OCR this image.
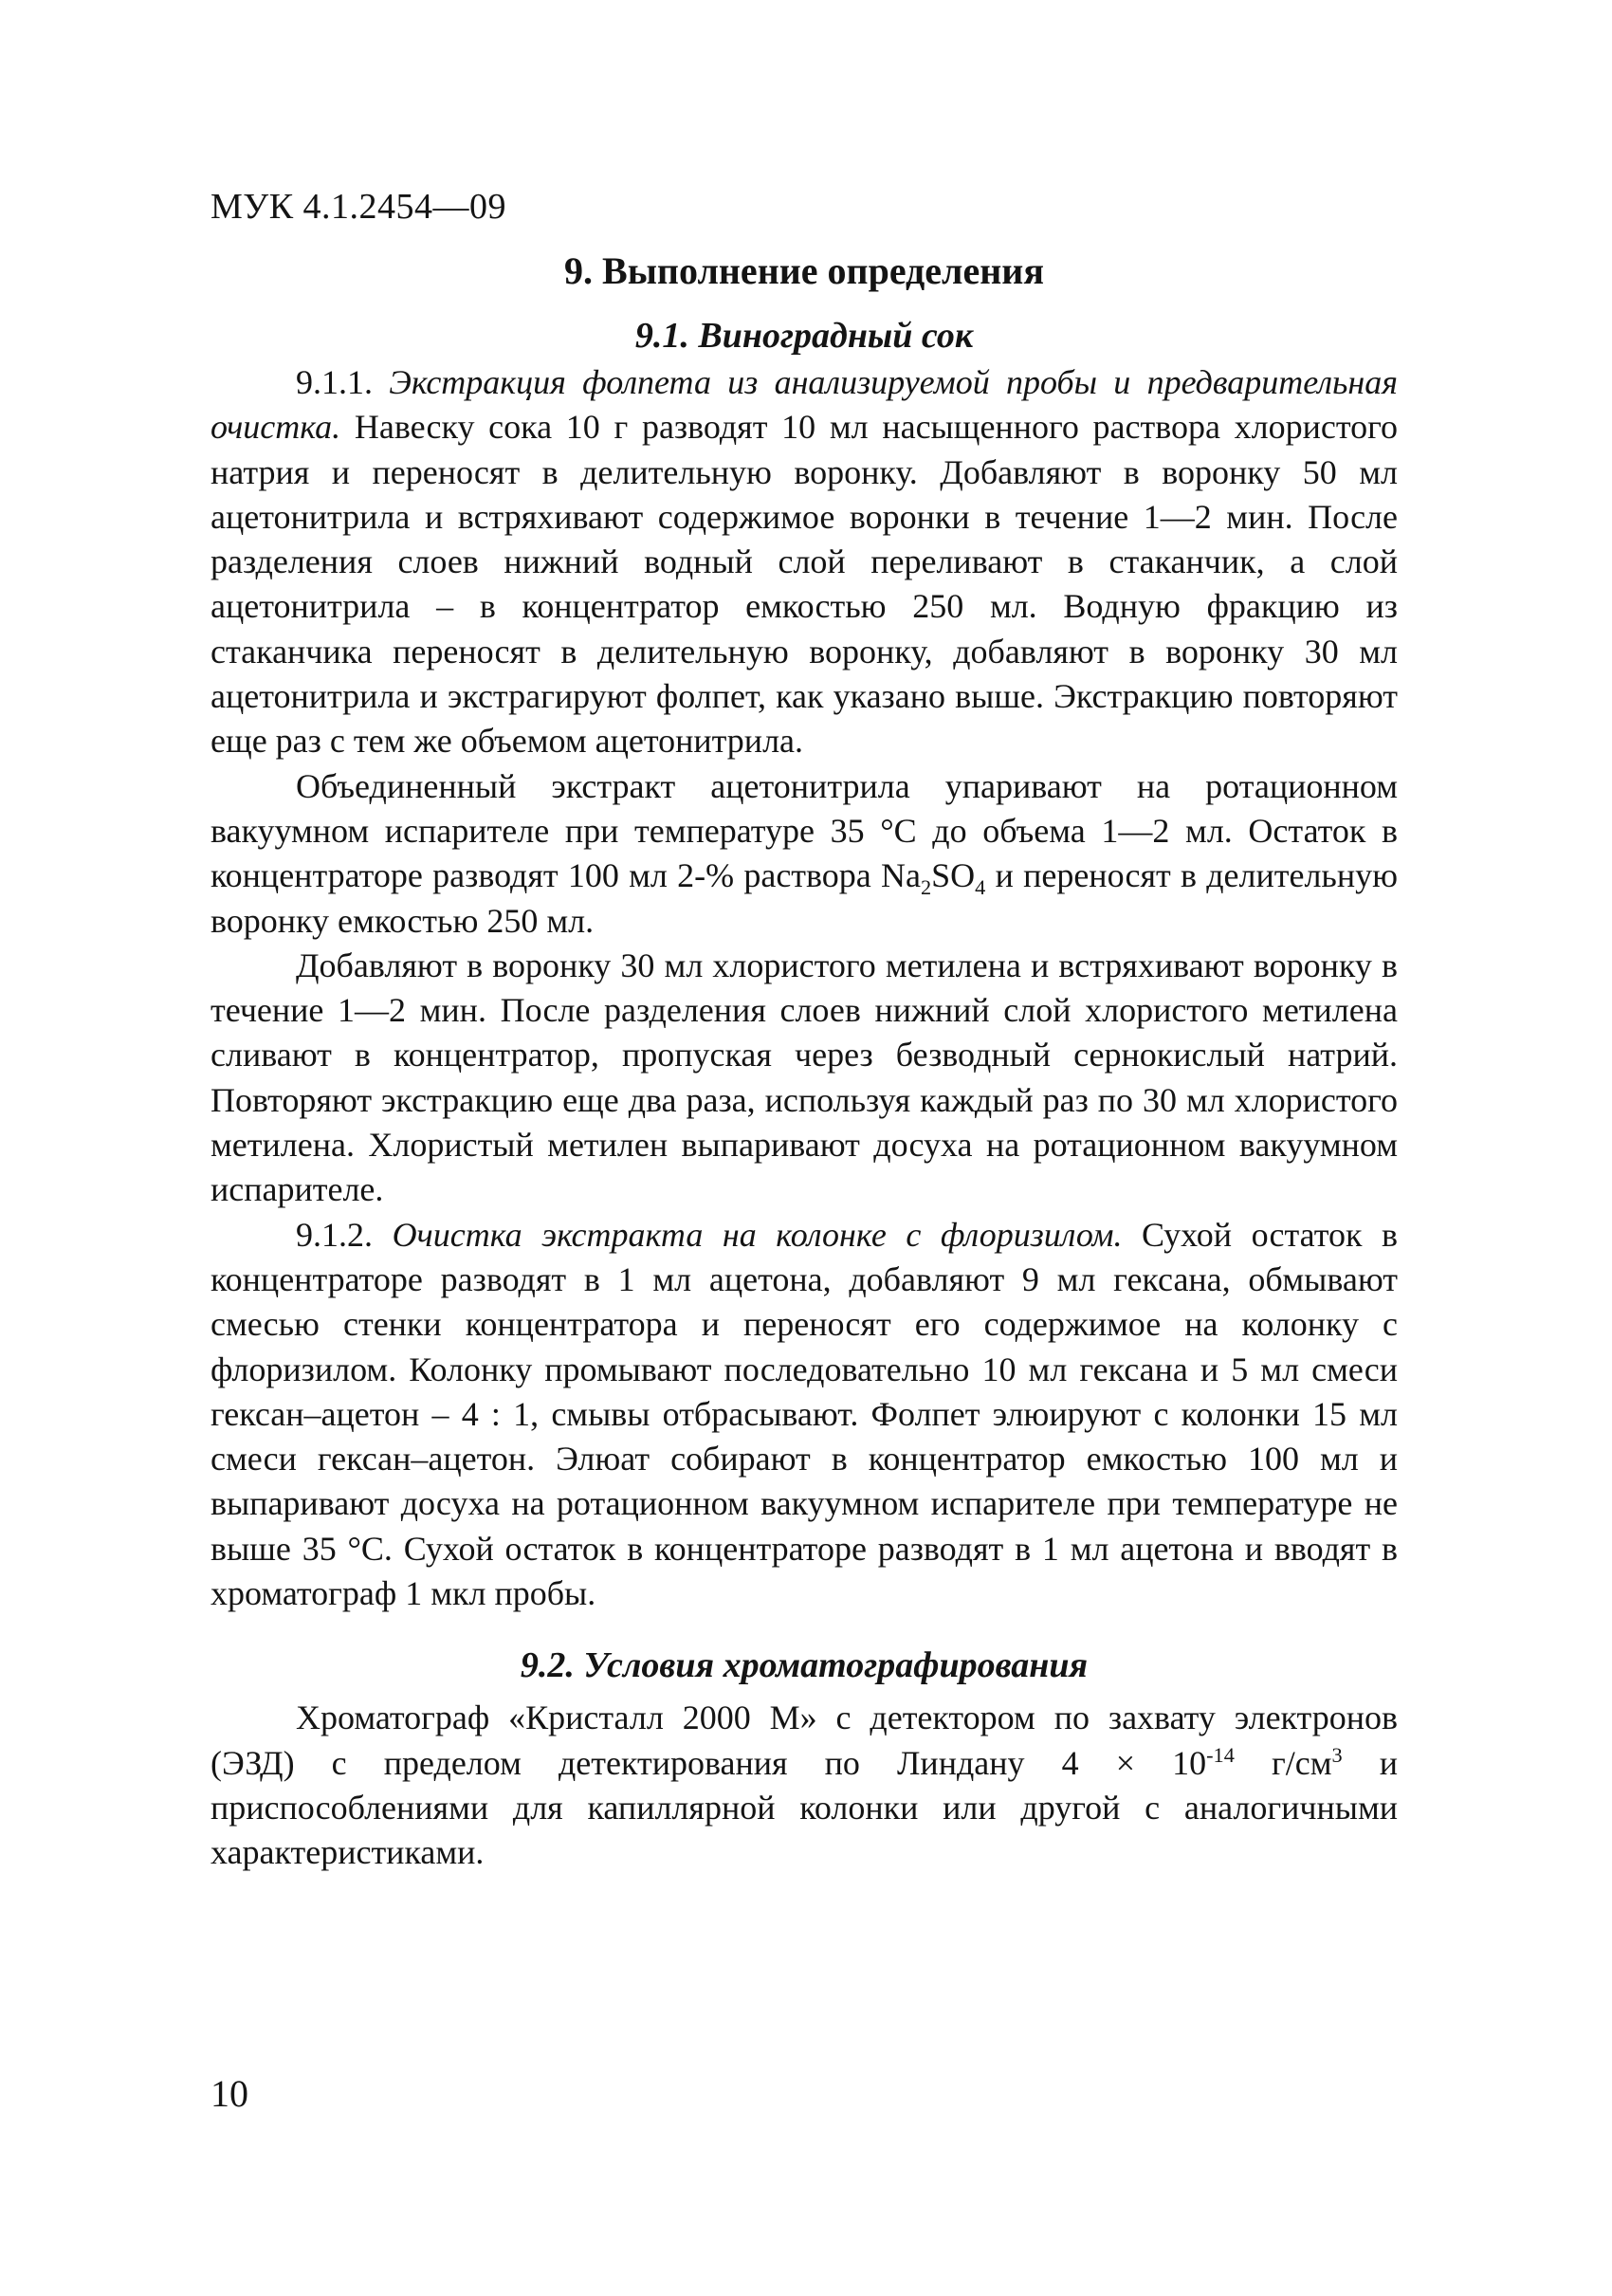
МУК 4.1.2454—09
9. Выполнение определения
9.1. Виноградный сок

9.1.1. Экстракция фолпета из анализируемой пробы и предварительная очистка. Навеску сока 10 г разводят 10 мл насыщенного раствора хлористого натрия и переносят в делительную воронку. Добавляют в воронку 50 мл ацетонитрила и встряхивают содержимое воронки в течение 1—2 мин. После разделения слоев нижний водный слой переливают в стаканчик, а слой ацетонитрила – в концентратор емкостью 250 мл. Водную фракцию из стаканчика переносят в делительную воронку, добавляют в воронку 30 мл ацетонитрила и экстрагируют фолпет, как указано выше. Экстракцию повторяют еще раз с тем же объемом ацетонитрила.

Объединенный экстракт ацетонитрила упаривают на ротационном вакуумном испарителе при температуре 35 °С до объема 1—2 мл. Остаток в концентраторе разводят 100 мл 2-% раствора $Na_2SO_4$ и переносят в делительную воронку емкостью 250 мл.

Добавляют в воронку 30 мл хлористого метилена и встряхивают воронку в течение 1—2 мин. После разделения слоев нижний слой хлористого метилена сливают в концентратор, пропуская через безводный сернокислый натрий. Повторяют экстракцию еще два раза, используя каждый раз по 30 мл хлористого метилена. Хлористый метилен выпаривают досуха на ротационном вакуумном испарителе.

9.1.2. Очистка экстракта на колонке с флоризилом. Сухой остаток в концентраторе разводят в 1 мл ацетона, добавляют 9 мл гексана, обмывают смесью стенки концентратора и переносят его содержимое на колонку с флоризилом. Колонку промывают последовательно 10 мл гексана и 5 мл смеси гексан–ацетон – 4 : 1, смывы отбрасывают. Фолпет элюируют с колонки 15 мл смеси гексан–ацетон. Элюат собирают в концентратор емкостью 100 мл и выпаривают досуха на ротационном вакуумном испарителе при температуре не выше 35 °С. Сухой остаток в концентраторе разводят в 1 мл ацетона и вводят в хроматограф 1 мкл пробы.

9.2. Условия хроматографирования

Хроматограф «Кристалл 2000 М» с детектором по захвату электронов (ЭЗД) с пределом детектирования по Линдану $4 \times 10^{-14}$ $г/см^3$ и приспособлениями для капиллярной колонки или другой с аналогичными характеристиками.

10
